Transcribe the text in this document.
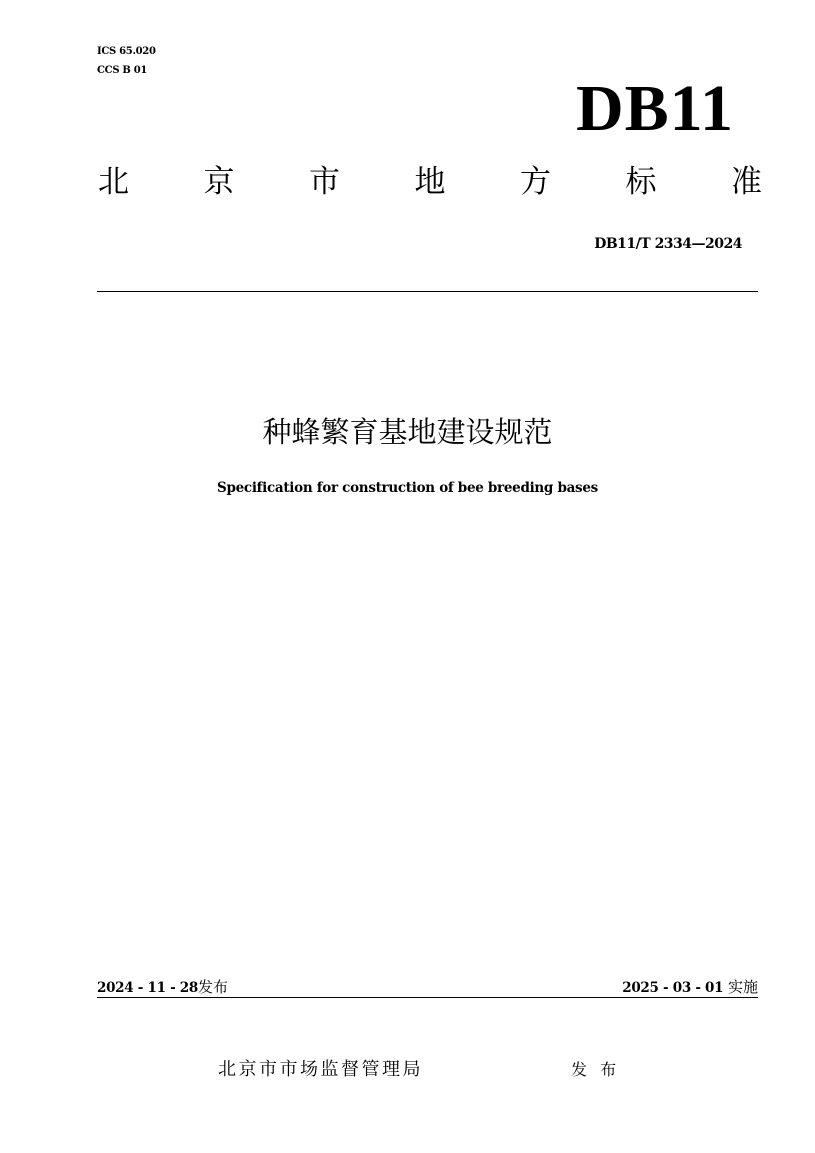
ICS 65.020
CCS B 01
DB11
北 京 市 地 方 标 准
DB11/T 2334—2024
种蜂繁育基地建设规范
Specification for construction of bee breeding bases
2024 - 11 - 28发布	2025 - 03 - 01 实施
北京市市场监督管理局	发 布
